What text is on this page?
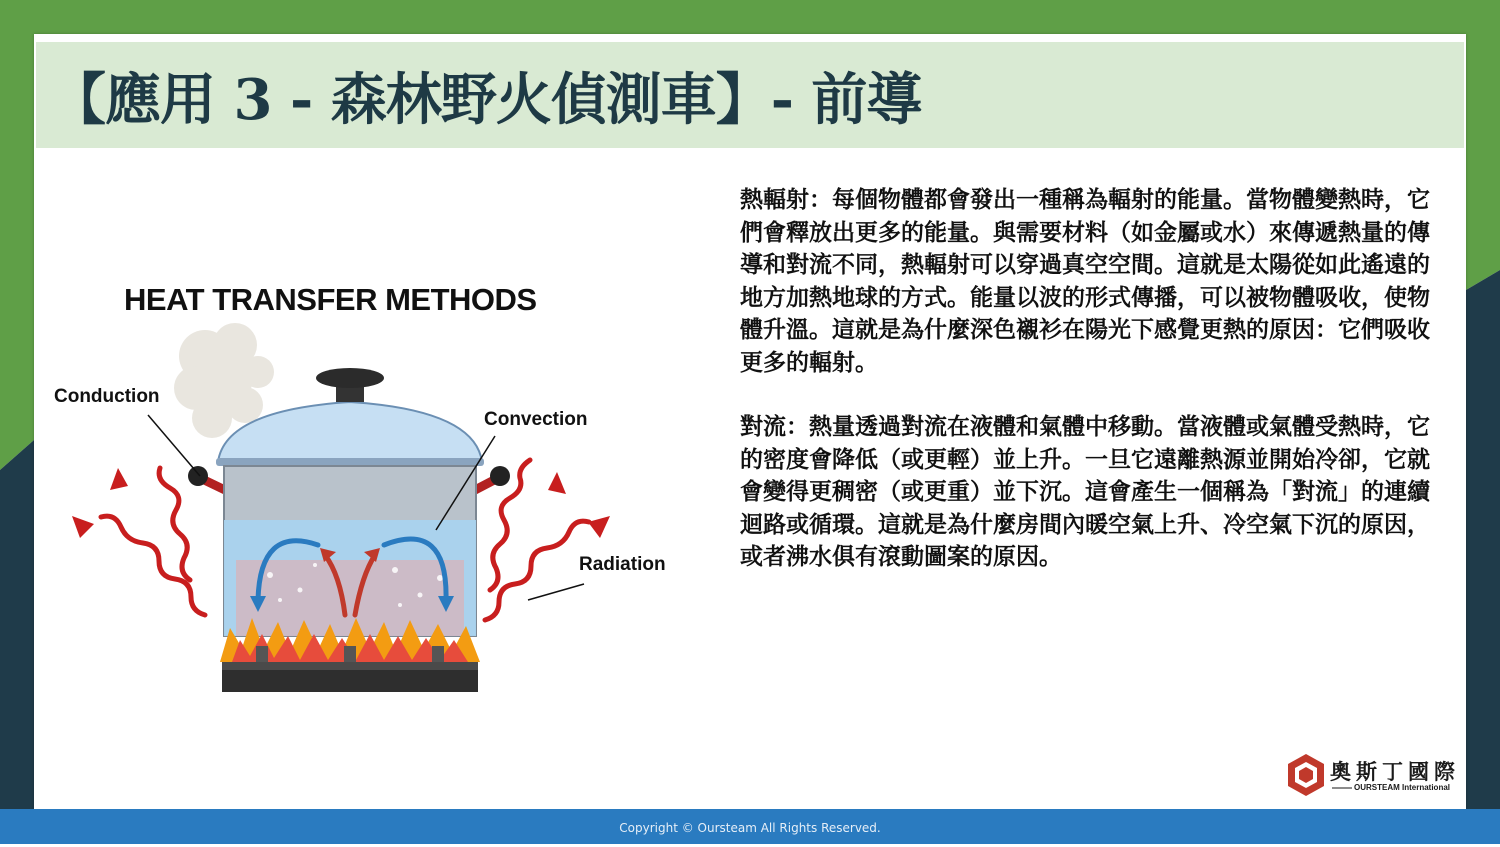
【應用 3 - 森林野火偵測車】- 前導
HEAT TRANSFER METHODS
Conduction
Convection
Radiation

熱輻射：每個物體都會發出一種稱為輻射的能量。當物體變熱時，它們會釋放出更多的能量。與需要材料（如金屬或水）來傳遞熱量的傳導和對流不同，熱輻射可以穿過真空空間。這就是太陽從如此遙遠的地方加熱地球的方式。能量以波的形式傳播，可以被物體吸收，使物體升溫。這就是為什麼深色襯衫在陽光下感覺更熱的原因：它們吸收更多的輻射。

對流：熱量透過對流在液體和氣體中移動。當液體或氣體受熱時，它的密度會降低（或更輕）並上升。一旦它遠離熱源並開始冷卻，它就會變得更稠密（或更重）並下沉。這會產生一個稱為「對流」的連續迴路或循環。這就是為什麼房間內暖空氣上升、冷空氣下沉的原因，或者沸水俱有滾動圖案的原因。

奧斯丁國際
OURSTEAM International
Copyright © Oursteam All Rights Reserved.
